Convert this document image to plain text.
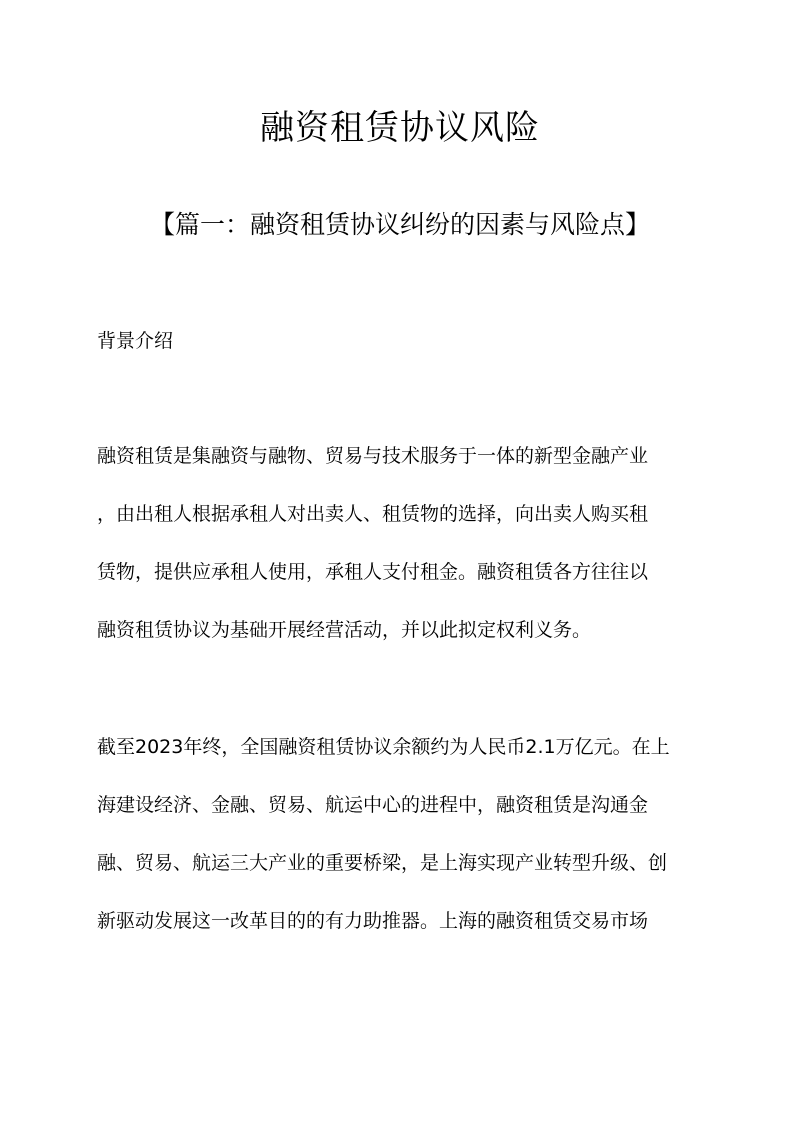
融资租赁协议风险
【篇一：融资租赁协议纠纷的因素与风险点】
背景介绍
融资租赁是集融资与融物、贸易与技术服务于一体的新型金融产业
，由出租人根据承租人对出卖人、租赁物的选择，向出卖人购买租
赁物，提供应承租人使用，承租人支付租金。融资租赁各方往往以
融资租赁协议为基础开展经营活动，并以此拟定权利义务。
截至2023年终，全国融资租赁协议余额约为人民币2.1万亿元。在上
海建设经济、金融、贸易、航运中心的进程中，融资租赁是沟通金
融、贸易、航运三大产业的重要桥梁，是上海实现产业转型升级、创
新驱动发展这一改革目的的有力助推器。上海的融资租赁交易市场
